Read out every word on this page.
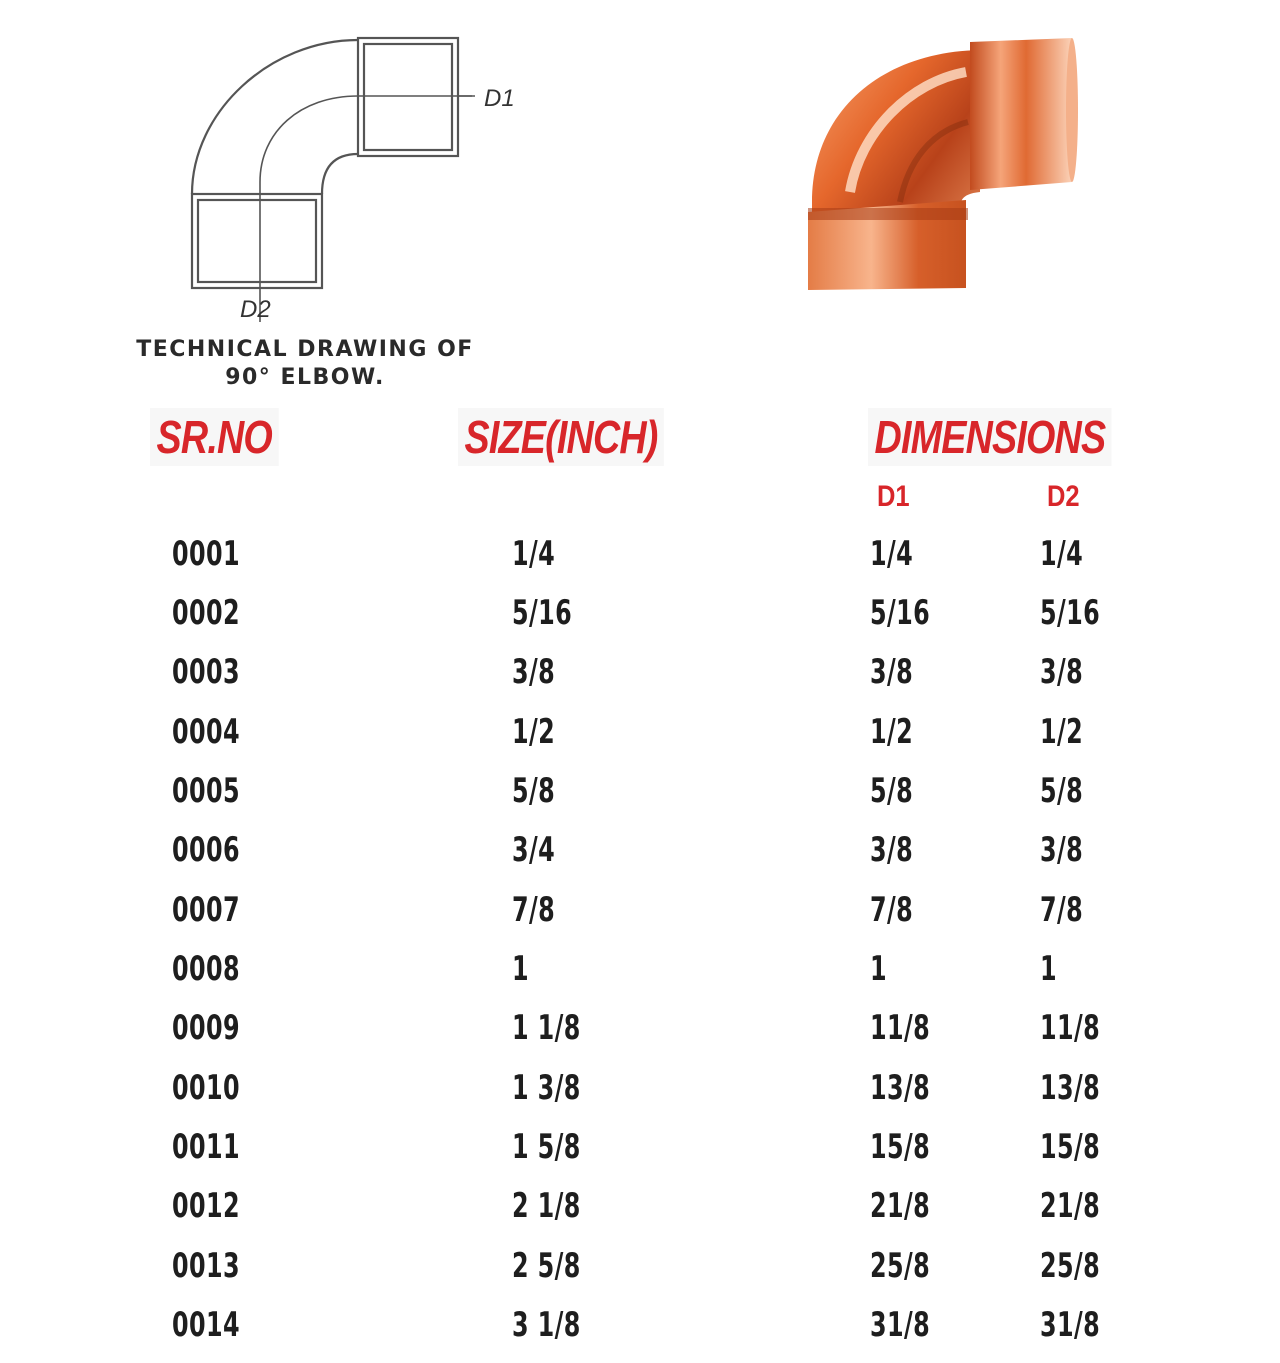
D1
D2
TECHNICAL DRAWING OF
90° ELBOW.
SR.NO	SIZE(INCH)	DIMENSIONS
D1	D2
0001	1/4	1/4	1/4
0002	5/16	5/16	5/16
0003	3/8	3/8	3/8
0004	1/2	1/2	1/2
0005	5/8	5/8	5/8
0006	3/4	3/8	3/8
0007	7/8	7/8	7/8
0008	1	1	1
0009	1 1/8	11/8	11/8
0010	1 3/8	13/8	13/8
0011	1 5/8	15/8	15/8
0012	2 1/8	21/8	21/8
0013	2 5/8	25/8	25/8
0014	3 1/8	31/8	31/8
